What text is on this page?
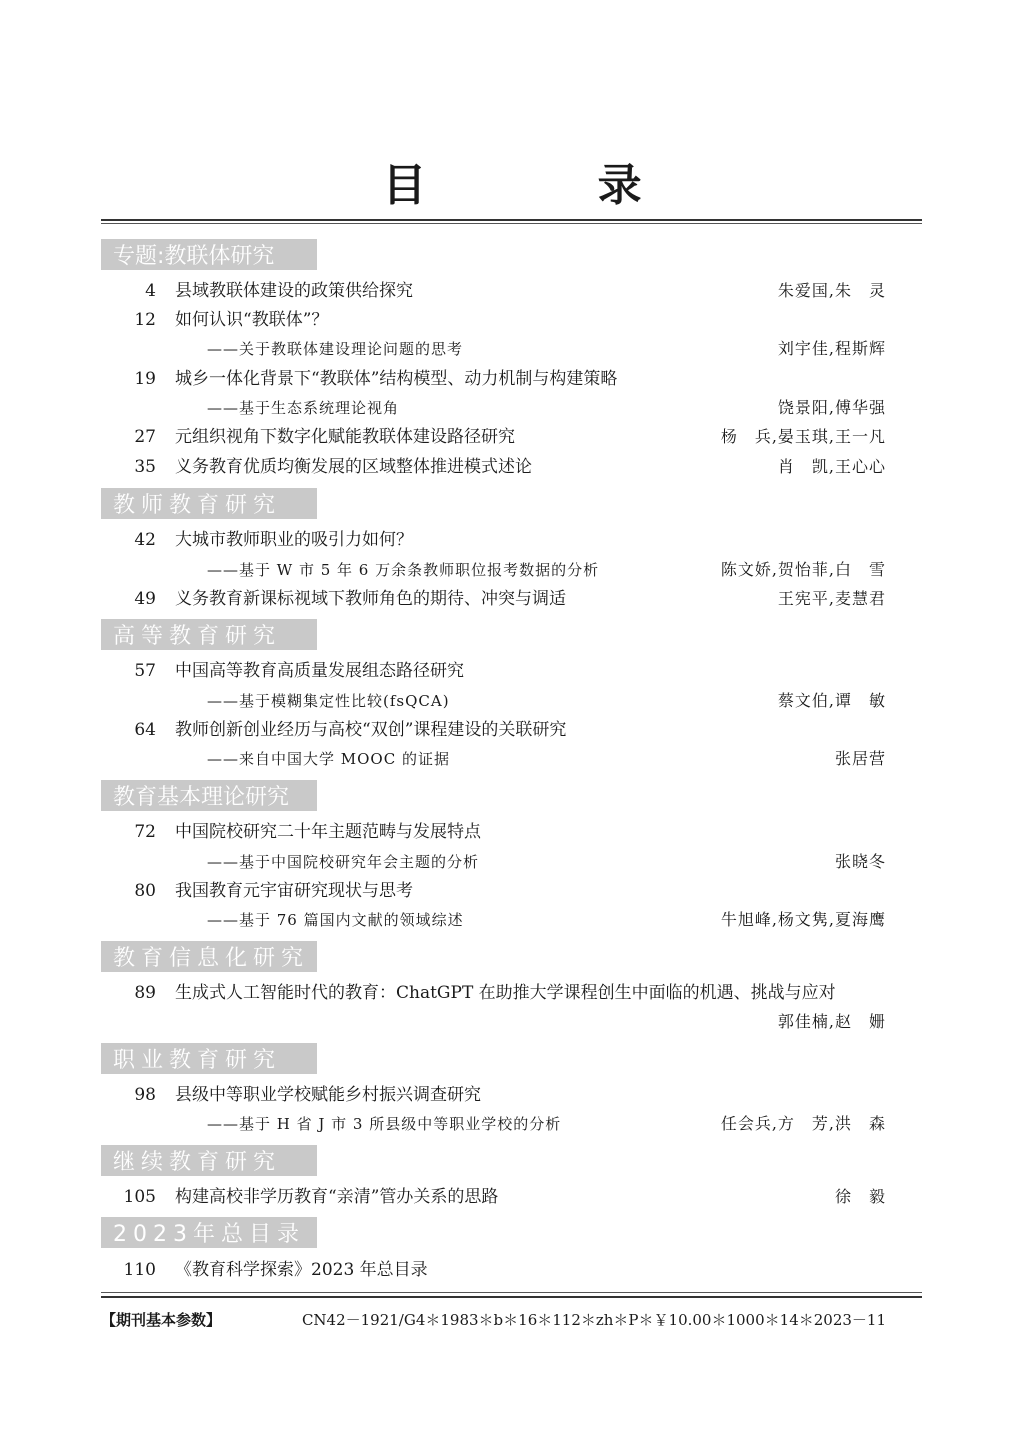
目 录
专题:教联体研究
4 县域教联体建设的政策供给探究	朱爱国,朱　灵
12 如何认识“教联体”？
——关于教联体建设理论问题的思考	刘宇佳,程斯辉
19 城乡一体化背景下“教联体”结构模型、动力机制与构建策略
——基于生态系统理论视角	饶景阳,傅华强
27 元组织视角下数字化赋能教联体建设路径研究	杨　兵,晏玉琪,王一凡
35 义务教育优质均衡发展的区域整体推进模式述论	肖　凯,王心心
教师教育研究
42 大城市教师职业的吸引力如何？
——基于 W 市 5 年 6 万余条教师职位报考数据的分析	陈文娇,贺怡菲,白　雪
49 义务教育新课标视域下教师角色的期待、冲突与调适	王宪平,麦慧君
高等教育研究
57 中国高等教育高质量发展组态路径研究
——基于模糊集定性比较(fsQCA)	蔡文伯,谭　敏
64 教师创新创业经历与高校“双创”课程建设的关联研究
——来自中国大学 MOOC 的证据	张居营
教育基本理论研究
72 中国院校研究二十年主题范畴与发展特点
——基于中国院校研究年会主题的分析	张晓冬
80 我国教育元宇宙研究现状与思考
——基于 76 篇国内文献的领域综述	牛旭峰,杨文隽,夏海鹰
教育信息化研究
89 生成式人工智能时代的教育：ChatGPT 在助推大学课程创生中面临的机遇、挑战与应对
郭佳楠,赵　姗
职业教育研究
98 县级中等职业学校赋能乡村振兴调查研究
——基于 H 省 J 市 3 所县级中等职业学校的分析	任会兵,方　芳,洪　森
继续教育研究
105 构建高校非学历教育“亲清”管办关系的思路	徐　毅
2023年总目录
110 《教育科学探索》2023 年总目录
【期刊基本参数】	CN42－1921/G4＊1983＊b＊16＊112＊zh＊P＊￥10.00＊1000＊14＊2023－11
